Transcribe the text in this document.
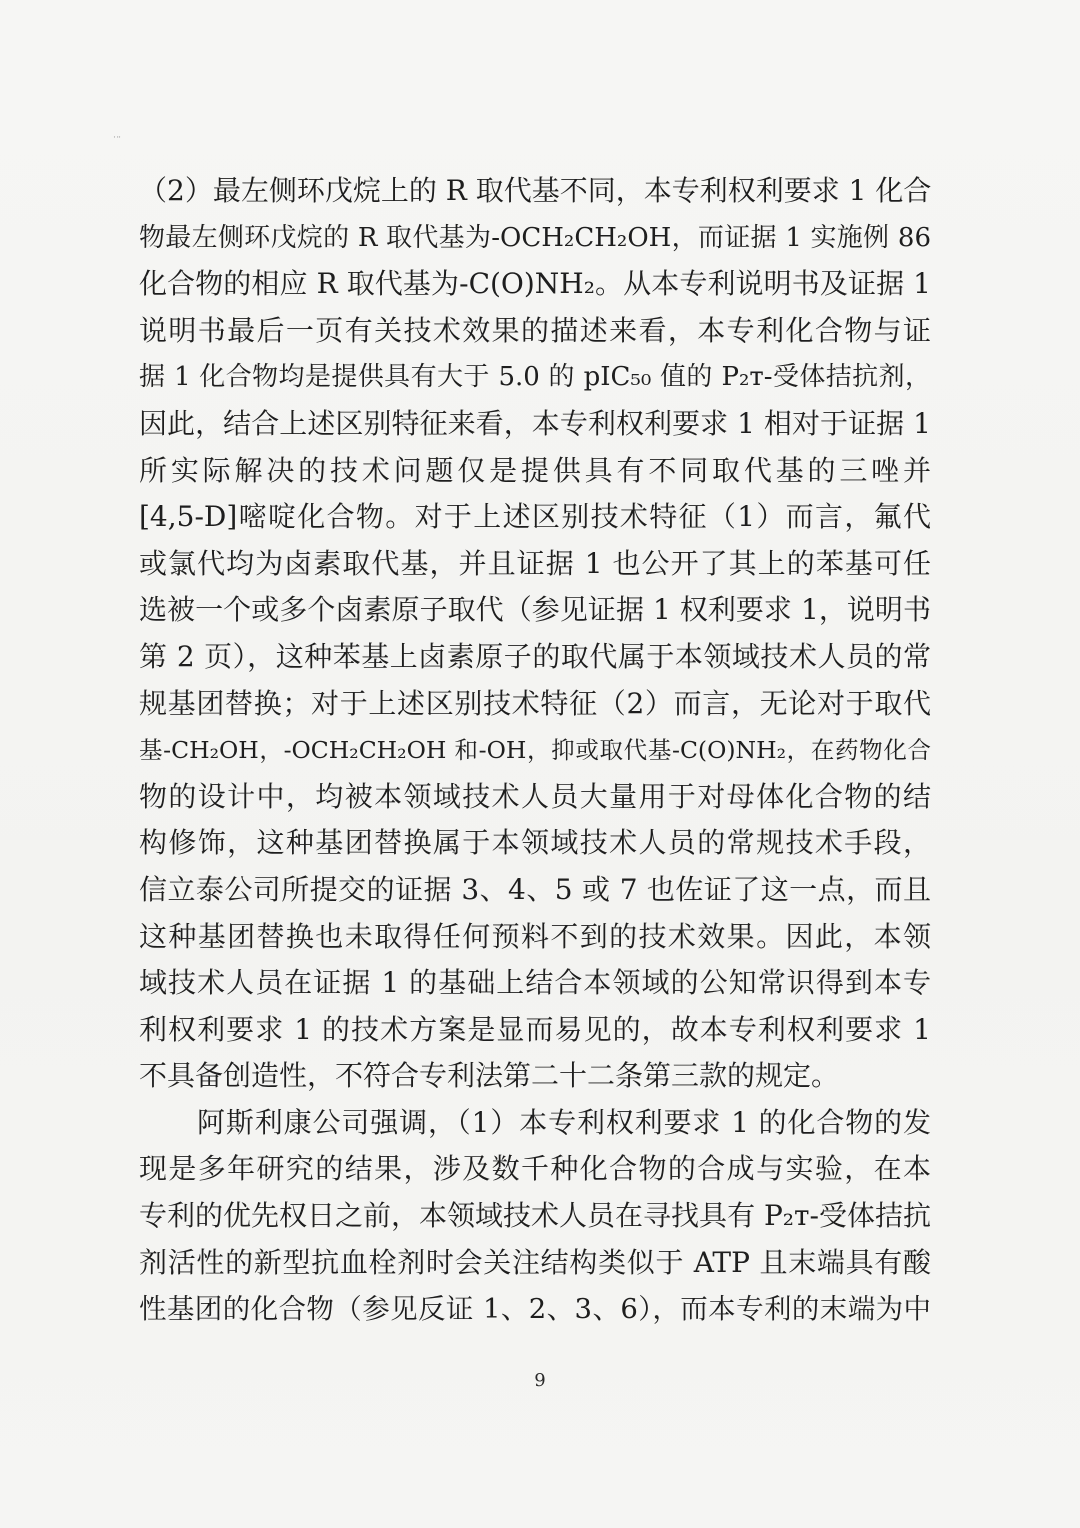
˙ ̈
（2）最左侧环戊烷上的 R 取代基不同，本专利权利要求 1 化合
物最左侧环戊烷的 R 取代基为-OCH₂CH₂OH，而证据 1 实施例 86
化合物的相应 R 取代基为-C(O)NH₂。从本专利说明书及证据 1
说明书最后一页有关技术效果的描述来看，本专利化合物与证
据 1 化合物均是提供具有大于 5.0 的 pIC₅₀ 值的 P₂ᴛ-受体拮抗剂，
因此，结合上述区别特征来看，本专利权利要求 1 相对于证据 1
所实际解决的技术问题仅是提供具有不同取代基的三唑并
[4,5-D]嘧啶化合物。对于上述区别技术特征（1）而言，氟代
或氯代均为卤素取代基，并且证据 1 也公开了其上的苯基可任
选被一个或多个卤素原子取代（参见证据 1 权利要求 1，说明书
第 2 页），这种苯基上卤素原子的取代属于本领域技术人员的常
规基团替换；对于上述区别技术特征（2）而言，无论对于取代
基-CH₂OH，-OCH₂CH₂OH 和-OH，抑或取代基-C(O)NH₂，在药物化合
物的设计中，均被本领域技术人员大量用于对母体化合物的结
构修饰，这种基团替换属于本领域技术人员的常规技术手段，
信立泰公司所提交的证据 3、4、5 或 7 也佐证了这一点，而且
这种基团替换也未取得任何预料不到的技术效果。因此，本领
域技术人员在证据 1 的基础上结合本领域的公知常识得到本专
利权利要求 1 的技术方案是显而易见的，故本专利权利要求 1
不具备创造性，不符合专利法第二十二条第三款的规定。
阿斯利康公司强调，（1）本专利权利要求 1 的化合物的发
现是多年研究的结果，涉及数千种化合物的合成与实验，在本
专利的优先权日之前，本领域技术人员在寻找具有 P₂ᴛ-受体拮抗
剂活性的新型抗血栓剂时会关注结构类似于 ATP 且末端具有酸
性基团的化合物（参见反证 1、2、3、6），而本专利的末端为中
9
